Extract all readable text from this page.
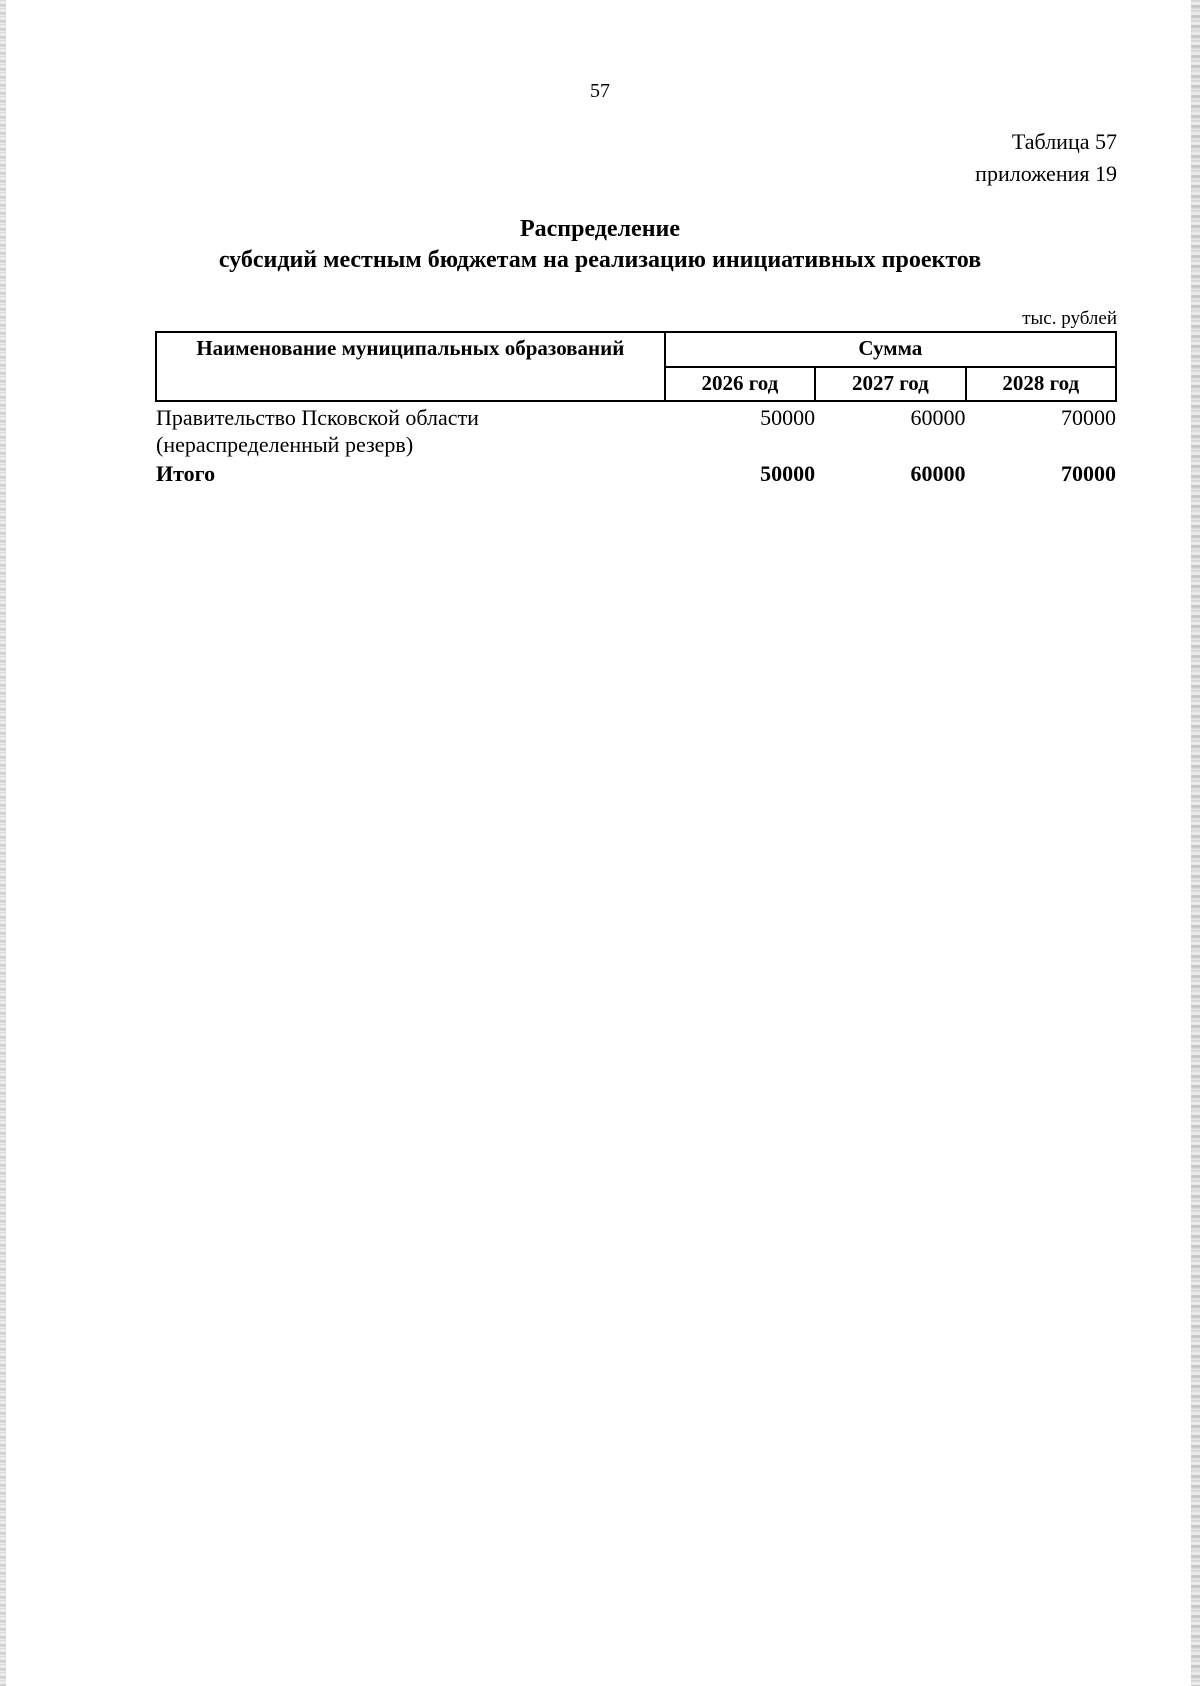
57
Таблица 57
приложения 19
Распределение
субсидий местным бюджетам на реализацию инициативных проектов
тыс. рублей
Наименование муниципальных образований	Сумма		
	2026 год	2027 год	2028 год
Правительство Псковской области (нераспределенный резерв)	50000	60000	70000
Итого	50000	60000	70000
